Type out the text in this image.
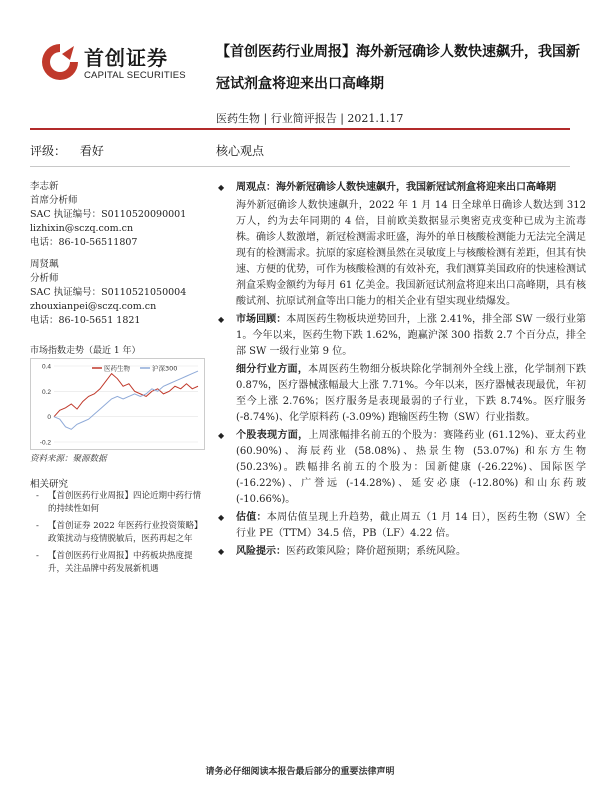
首创证券
CAPITAL SECURITIES
【首创医药行业周报】海外新冠确诊人数快速飙升，我国新冠试剂盒将迎来出口高峰期
医药生物 | 行业简评报告 | 2021.1.17
评级： 看好	核心观点
李志新
首席分析师
SAC 执证编号：S0110520090001
lizhixin@sczq.com.cn
电话：86-10-56511807
周贤珮
分析师
SAC 执证编号：S0110521050004
zhouxianpei@sczq.com.cn
电话：86-10-5651 1821
市场指数走势（最近 1 年）
0.4
0.2
0
-0.2
医药生物	沪深300
资料来源：聚源数据
相关研究
- 【首创医药行业周报】四论近期中药行情的持续性如何
- 【首创证券 2022 年医药行业投资策略】政策扰动与疫情脱敏后，医药再起之年
- 【首创医药行业周报】中药板块热度提升，关注品牌中药发展新机遇
◆ 周观点：海外新冠确诊人数快速飙升，我国新冠试剂盒将迎来出口高峰期
海外新冠确诊人数快速飙升，2022 年 1 月 14 日全球单日确诊人数达到 312 万人，约为去年同期的 4 倍，目前欧美数据显示奥密克戎变种已成为主流毒株。确诊人数激增，新冠检测需求旺盛，海外的单日核酸检测能力无法完全满足现有的检测需求。抗原的家庭检测虽然在灵敏度上与核酸检测有差距，但其有快速、方便的优势，可作为核酸检测的有效补充，我们测算美国政府的快速检测试剂盒采购金额约为每月 61 亿美金。我国新冠试剂盒将迎来出口高峰期，具有核酸试剂、抗原试剂盒等出口能力的相关企业有望实现业绩爆发。
◆ 市场回顾：本周医药生物板块逆势回升，上涨 2.41%，排全部 SW 一级行业第 1。今年以来，医药生物下跌 1.62%，跑赢沪深 300 指数 2.7 个百分点，排全部 SW 一级行业第 9 位。
细分行业方面，本周医药生物细分板块除化学制剂外全线上涨，化学制剂下跌 0.87%，医疗器械涨幅最大上涨 7.71%。今年以来，医疗器械表现最优，年初至今上涨 2.76%；医疗服务是表现最弱的子行业，下跌 8.74%。医疗服务 (-8.74%)、化学原料药 (-3.09%) 跑输医药生物（SW）行业指数。
◆ 个股表现方面，上周涨幅排名前五的个股为：赛隆药业 (61.12%)、亚太药业 (60.90%)、海辰药业 (58.08%)、热景生物 (53.07%) 和东方生物 (50.23%)。跌幅排名前五的个股为：国新健康 (-26.22%)、国际医学 (-16.22%)、广誉远 (-14.28%)、延安必康 (-12.80%) 和山东药玻 (-10.66%)。
◆ 估值：本周估值呈现上升趋势，截止周五（1 月 14 日），医药生物（SW）全行业 PE（TTM）34.5 倍，PB（LF）4.22 倍。
◆ 风险提示：医药政策风险；降价超预期；系统风险。
请务必仔细阅读本报告最后部分的重要法律声明
